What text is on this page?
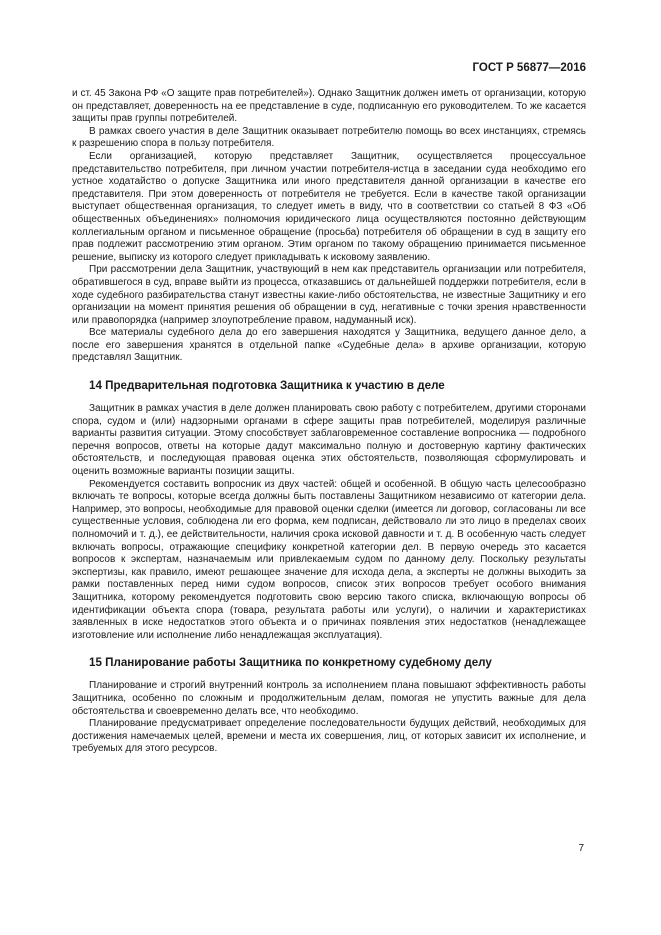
ГОСТ Р 56877—2016

и ст. 45 Закона РФ «О защите прав потребителей»). Однако Защитник должен иметь от организации, которую он представляет, доверенность на ее представление в суде, подписанную его руководителем. То же касается защиты прав группы потребителей.

В рамках своего участия в деле Защитник оказывает потребителю помощь во всех инстанциях, стремясь к разрешению спора в пользу потребителя.

Если организацией, которую представляет Защитник, осуществляется процессуальное представительство потребителя, при личном участии потребителя-истца в заседании суда необходимо его устное ходатайство о допуске Защитника или иного представителя данной организации в качестве его представителя. При этом доверенность от потребителя не требуется. Если в качестве такой организации выступает общественная организация, то следует иметь в виду, что в соответствии со статьей 8 ФЗ «Об общественных объединениях» полномочия юридического лица осуществляются постоянно действующим коллегиальным органом и письменное обращение (просьба) потребителя об обращении в суд в защиту его прав подлежит рассмотрению этим органом. Этим органом по такому обращению принимается письменное решение, выписку из которого следует прикладывать к исковому заявлению.

При рассмотрении дела Защитник, участвующий в нем как представитель организации или потребителя, обратившегося в суд, вправе выйти из процесса, отказавшись от дальнейшей поддержки потребителя, если в ходе судебного разбирательства станут известны какие-либо обстоятельства, не известные Защитнику и его организации на момент принятия решения об обращении в суд, негативные с точки зрения нравственности или правопорядка (например злоупотребление правом, надуманный иск).

Все материалы судебного дела до его завершения находятся у Защитника, ведущего данное дело, а после его завершения хранятся в отдельной папке «Судебные дела» в архиве организации, которую представлял Защитник.

14 Предварительная подготовка Защитника к участию в деле

Защитник в рамках участия в деле должен планировать свою работу с потребителем, другими сторонами спора, судом и (или) надзорными органами в сфере защиты прав потребителей, моделируя различные варианты развития ситуации. Этому способствует заблаговременное составление вопросника — подробного перечня вопросов, ответы на которые дадут максимально полную и достоверную картину фактических обстоятельств, и последующая правовая оценка этих обстоятельств, позволяющая сформулировать и оценить возможные варианты позиции защиты.

Рекомендуется составить вопросник из двух частей: общей и особенной. В общую часть целесообразно включать те вопросы, которые всегда должны быть поставлены Защитником независимо от категории дела. Например, это вопросы, необходимые для правовой оценки сделки (имеется ли договор, согласованы ли все существенные условия, соблюдена ли его форма, кем подписан, действовало ли это лицо в пределах своих полномочий и т. д.), ее действительности, наличия срока исковой давности и т. д. В особенную часть следует включать вопросы, отражающие специфику конкретной категории дел. В первую очередь это касается вопросов к экспертам, назначаемым или привлекаемым судом по данному делу. Поскольку результаты экспертизы, как правило, имеют решающее значение для исхода дела, а эксперты не должны выходить за рамки поставленных перед ними судом вопросов, список этих вопросов требует особого внимания Защитника, которому рекомендуется подготовить свою версию такого списка, включающую вопросы об идентификации объекта спора (товара, результата работы или услуги), о наличии и характеристиках заявленных в иске недостатков этого объекта и о причинах появления этих недостатков (ненадлежащее изготовление или исполнение либо ненадлежащая эксплуатация).

15 Планирование работы Защитника по конкретному судебному делу

Планирование и строгий внутренний контроль за исполнением плана повышают эффективность работы Защитника, особенно по сложным и продолжительным делам, помогая не упустить важные для дела обстоятельства и своевременно делать все, что необходимо.

Планирование предусматривает определение последовательности будущих действий, необходимых для достижения намечаемых целей, времени и места их совершения, лиц, от которых зависит их исполнение, и требуемых для этого ресурсов.

7
